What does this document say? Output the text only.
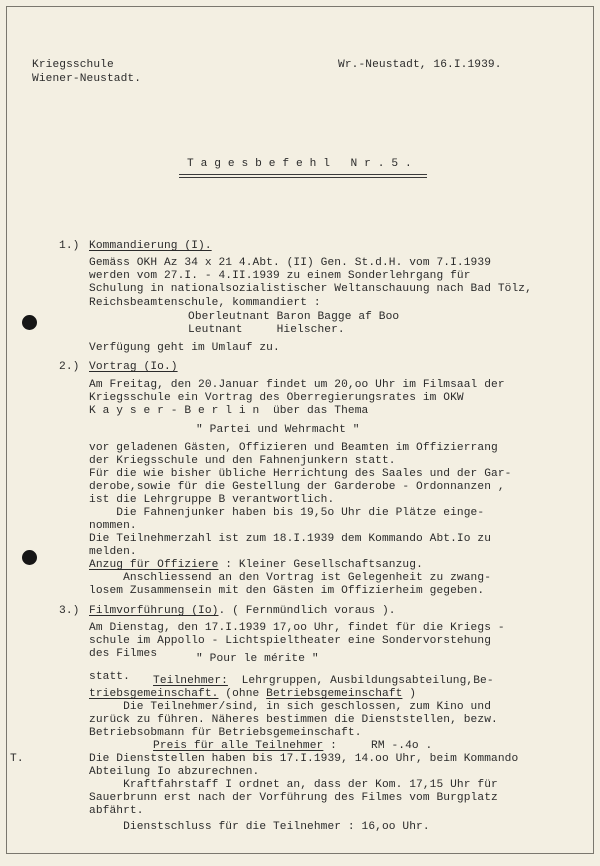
Kriegsschule
Wiener-Neustadt.
Wr.-Neustadt, 16.I.1939.
T a g e s b e f e h l   N r . 5 .
1.) Kommandierung (I).
Gemäss OKH Az 34 x 21 4.Abt. (II) Gen. St.d.H. vom 7.I.1939
werden vom 27.I. - 4.II.1939 zu einem Sonderlehrgang für
Schulung in nationalsozialistischer Weltanschauung nach Bad Tölz,
Reichsbeamtenschule, kommandiert :
Oberleutnant Baron Bagge af Boo
Leutnant     Hielscher.
Verfügung geht im Umlauf zu.
2.) Vortrag (Io.)
Am Freitag, den 20.Januar findet um 20,oo Uhr im Filmsaal der
Kriegsschule ein Vortrag des Oberregierungsrates im OKW
K a y s e r - B e r l i n  über das Thema
" Partei und Wehrmacht "
vor geladenen Gästen, Offizieren und Beamten im Offizierrang
der Kriegsschule und den Fahnenjunkern statt.
Für die wie bisher übliche Herrichtung des Saales und der Gar-
derobe,sowie für die Gestellung der Garderobe - Ordonnanzen ,
ist die Lehrgruppe B verantwortlich.
Die Fahnenjunker haben bis 19,5o Uhr die Plätze einge-
nommen.
Die Teilnehmerzahl ist zum 18.I.1939 dem Kommando Abt.Io zu
melden.
Anzug für Offiziere : Kleiner Gesellschaftsanzug.
Anschliessend an den Vortrag ist Gelegenheit zu zwang-
losem Zusammensein mit den Gästen im Offizierheim gegeben.
3.) Filmvorführung (Io). ( Fernmündlich voraus ).
Am Dienstag, den 17.I.1939 17,oo Uhr, findet für die Kriegs -
schule im Appollo - Lichtspieltheater eine Sondervorstehung
des Filmes	" Pour le mérite "
statt. Teilnehmer:  Lehrgruppen, Ausbildungsabteilung,Be-
triebsgemeinschaft. (ohne Betriebsgemeinschaft )
Die Teilnehmer/sind, in sich geschlossen, zum Kino und
zurück zu führen. Näheres bestimmen die Dienststellen, bezw.
Betriebsobmann für Betriebsgemeinschaft.
Preis für alle Teilnehmer :     RM -.4o .
T.	Die Dienststellen haben bis 17.I.1939, 14.oo Uhr, beim Kommando
Abteilung Io abzurechnen.
Kraftfahrstaff I ordnet an, dass der Kom. 17,15 Uhr für
Sauerbrunn erst nach der Vorführung des Filmes vom Burgplatz
abfährt.
Dienstschluss für die Teilnehmer : 16,oo Uhr.
